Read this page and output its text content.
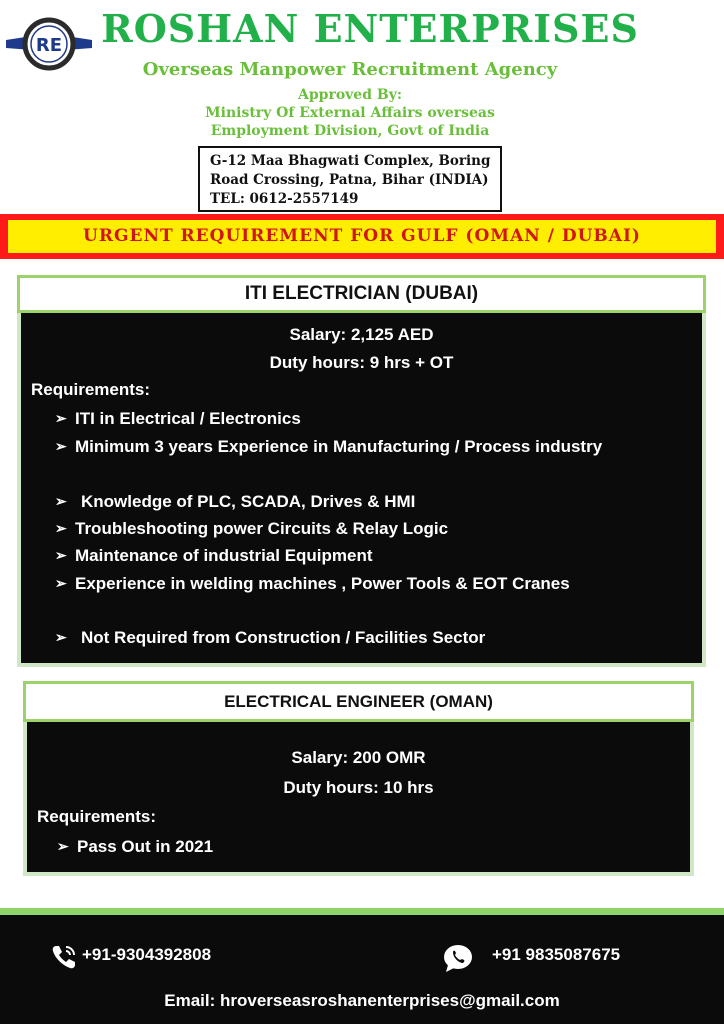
RE ROSHAN ENTERPRISES
Overseas Manpower Recruitment Agency
Approved By:
Ministry Of External Affairs overseas
Employment Division, Govt of India
G-12 Maa Bhagwati Complex, Boring
Road Crossing, Patna, Bihar (INDIA)
TEL: 0612-2557149
URGENT REQUIREMENT FOR GULF (OMAN / DUBAI)
ITI ELECTRICIAN (DUBAI)
Salary: 2,125 AED
Duty hours: 9 hrs + OT
Requirements:
➢ ITI in Electrical / Electronics
➢ Minimum 3 years Experience in Manufacturing / Process industry
➢ Knowledge of PLC, SCADA, Drives & HMI
➢ Troubleshooting power Circuits & Relay Logic
➢ Maintenance of industrial Equipment
➢ Experience in welding machines , Power Tools & EOT Cranes
➢ Not Required from Construction / Facilities Sector
ELECTRICAL ENGINEER (OMAN)
Salary: 200 OMR
Duty hours: 10 hrs
Requirements:
➢ Pass Out in 2021
+91-9304392808	+91 9835087675
Email: hroverseasroshanenterprises@gmail.com
